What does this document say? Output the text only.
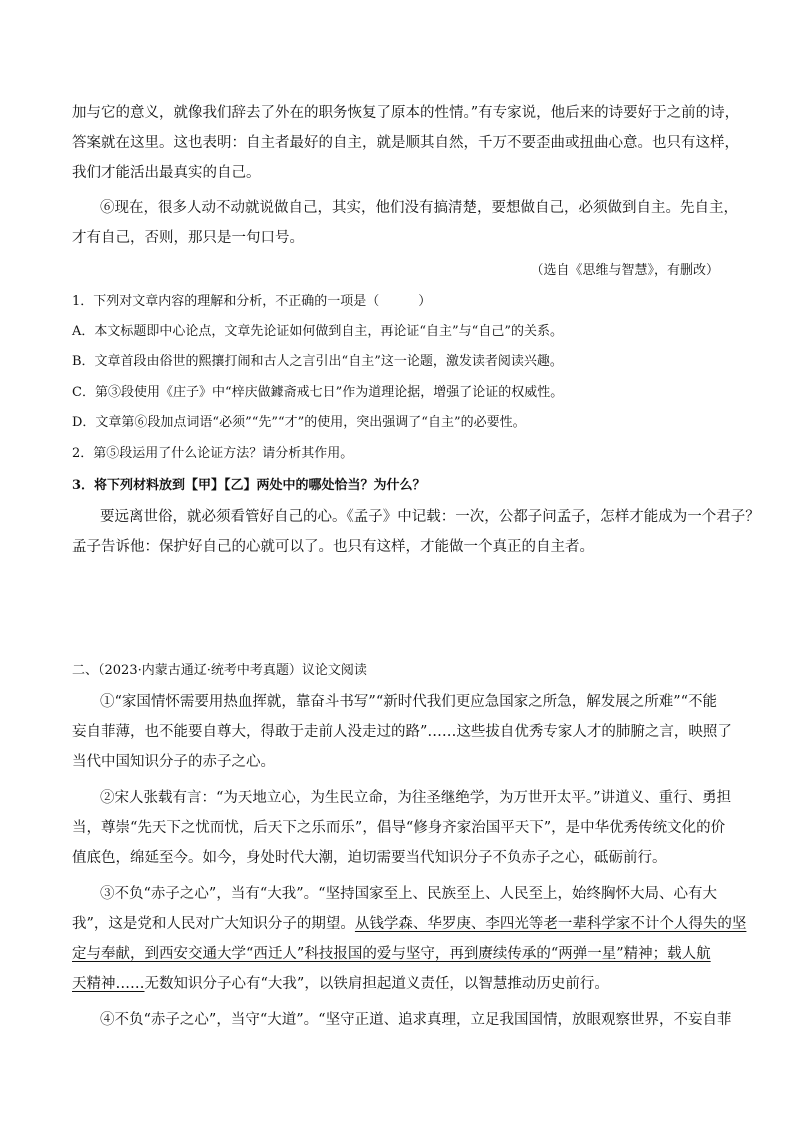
加与它的意义，就像我们辞去了外在的职务恢复了原本的性情。”有专家说，他后来的诗要好于之前的诗，
答案就在这里。这也表明：自主者最好的自主，就是顺其自然，千万不要歪曲或扭曲心意。也只有这样，
我们才能活出最真实的自己。
⑥现在，很多人动不动就说做自己，其实，他们没有搞清楚，要想做自己，必须做到自主。先自主，
才有自己，否则，那只是一句口号。
（选自《思维与智慧》，有删改）
1．下列对文章内容的理解和分析，不正确的一项是（　　　）
A．本文标题即中心论点，文章先论证如何做到自主，再论证“自主”与“自己”的关系。
B．文章首段由俗世的熙攘打闹和古人之言引出“自主”这一论题，激发读者阅读兴趣。
C．第③段使用《庄子》中“梓庆做鐻斋戒七日”作为道理论据，增强了论证的权威性。
D．文章第⑥段加点词语“必须”“先”“才”的使用，突出强调了“自主”的必要性。
2．第⑤段运用了什么论证方法？请分析其作用。
3．将下列材料放到【甲】【乙】两处中的哪处恰当？为什么？
要远离世俗，就必须看管好自己的心。《孟子》中记载：一次，公都子问孟子，怎样才能成为一个君子？
孟子告诉他：保护好自己的心就可以了。也只有这样，才能做一个真正的自主者。
二、（2023·内蒙古通辽·统考中考真题）议论文阅读
①“家国情怀需要用热血挥就，靠奋斗书写”“新时代我们更应急国家之所急，解发展之所难”“不能
妄自菲薄，也不能要自尊大，得敢于走前人没走过的路”……这些拔自优秀专家人才的肺腑之言，映照了
当代中国知识分子的赤子之心。
②宋人张载有言：“为天地立心，为生民立命，为往圣继绝学，为万世开太平。”讲道义、重行、勇担
当，尊崇“先天下之忧而忧，后天下之乐而乐”，倡导“修身齐家治国平天下”，是中华优秀传统文化的价
值底色，绵延至今。如今，身处时代大潮，迫切需要当代知识分子不负赤子之心，砥砺前行。
③不负“赤子之心”，当有“大我”。“坚持国家至上、民族至上、人民至上，始终胸怀大局、心有大
我”，这是党和人民对广大知识分子的期望。从钱学森、华罗庚、李四光等老一辈科学家不计个人得失的坚
定与奉献，到西安交通大学“西迁人”科技报国的爱与坚守，再到赓续传承的“两弹一星”精神；载人航
天精神……无数知识分子心有“大我”，以铁肩担起道义责任，以智慧推动历史前行。
④不负“赤子之心”，当守“大道”。“坚守正道、追求真理，立足我国国情，放眼观察世界，不妄自菲
